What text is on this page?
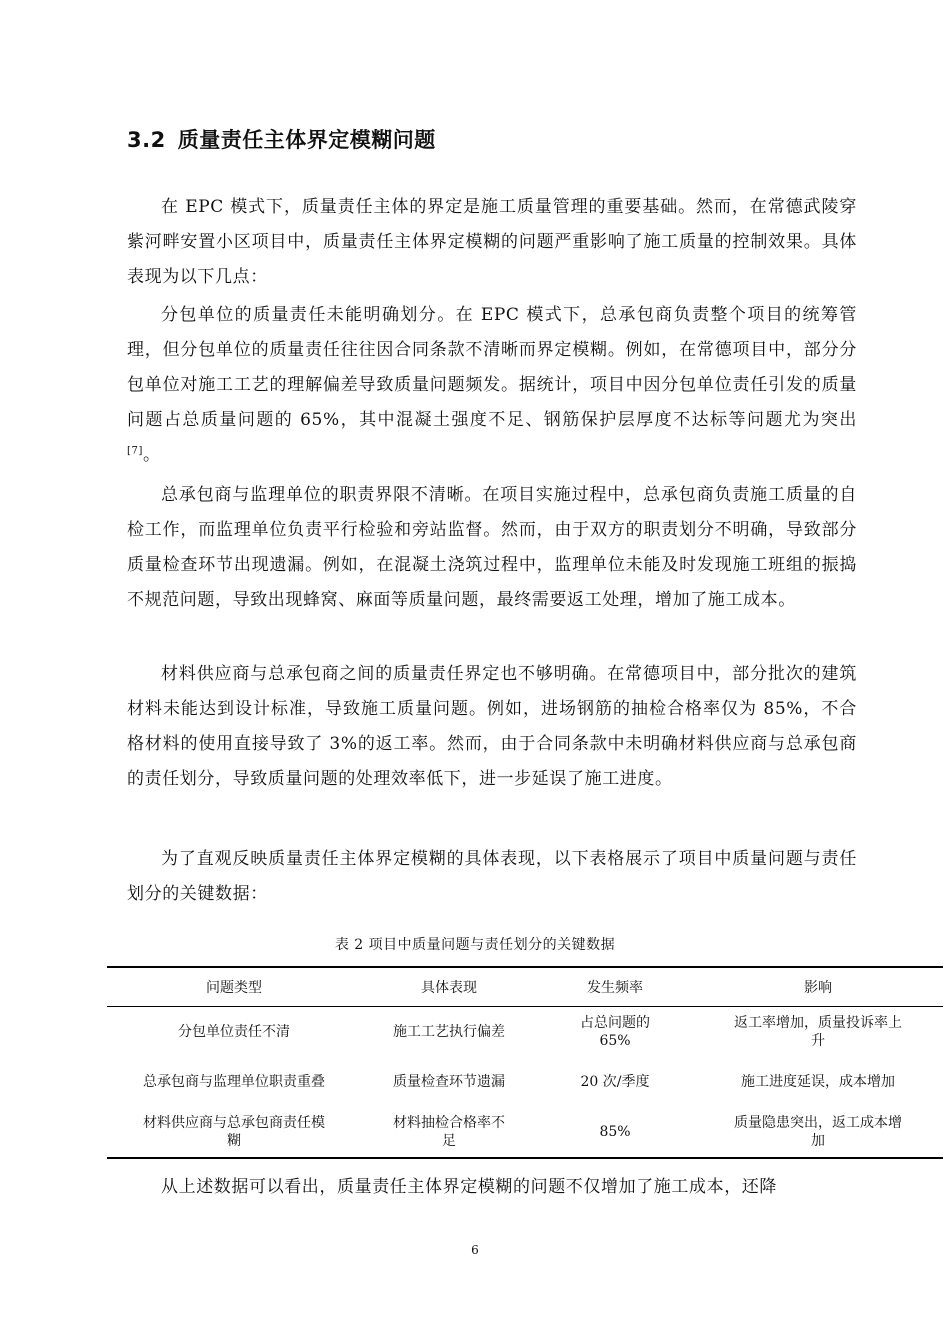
3.2 质量责任主体界定模糊问题

在 EPC 模式下，质量责任主体的界定是施工质量管理的重要基础。然而，在常德武陵穿紫河畔安置小区项目中，质量责任主体界定模糊的问题严重影响了施工质量的控制效果。具体表现为以下几点：

分包单位的质量责任未能明确划分。在 EPC 模式下，总承包商负责整个项目的统筹管理，但分包单位的质量责任往往因合同条款不清晰而界定模糊。例如，在常德项目中，部分分包单位对施工工艺的理解偏差导致质量问题频发。据统计，项目中因分包单位责任引发的质量问题占总质量问题的 65%，其中混凝土强度不足、钢筋保护层厚度不达标等问题尤为突出[7]。

总承包商与监理单位的职责界限不清晰。在项目实施过程中，总承包商负责施工质量的自检工作，而监理单位负责平行检验和旁站监督。然而，由于双方的职责划分不明确，导致部分质量检查环节出现遗漏。例如，在混凝土浇筑过程中，监理单位未能及时发现施工班组的振捣不规范问题，导致出现蜂窝、麻面等质量问题，最终需要返工处理，增加了施工成本。

材料供应商与总承包商之间的质量责任界定也不够明确。在常德项目中，部分批次的建筑材料未能达到设计标准，导致施工质量问题。例如，进场钢筋的抽检合格率仅为 85%，不合格材料的使用直接导致了 3%的返工率。然而，由于合同条款中未明确材料供应商与总承包商的责任划分，导致质量问题的处理效率低下，进一步延误了施工进度。

为了直观反映质量责任主体界定模糊的具体表现，以下表格展示了项目中质量问题与责任划分的关键数据：

表 2 项目中质量问题与责任划分的关键数据
问题类型	具体表现	发生频率	影响
分包单位责任不清	施工工艺执行偏差	占总问题的 65%	返工率增加，质量投诉率上升
总承包商与监理单位职责重叠	质量检查环节遗漏	20 次/季度	施工进度延误，成本增加
材料供应商与总承包商责任模糊	材料抽检合格率不足	85%	质量隐患突出，返工成本增加

从上述数据可以看出，质量责任主体界定模糊的问题不仅增加了施工成本，还降

6
